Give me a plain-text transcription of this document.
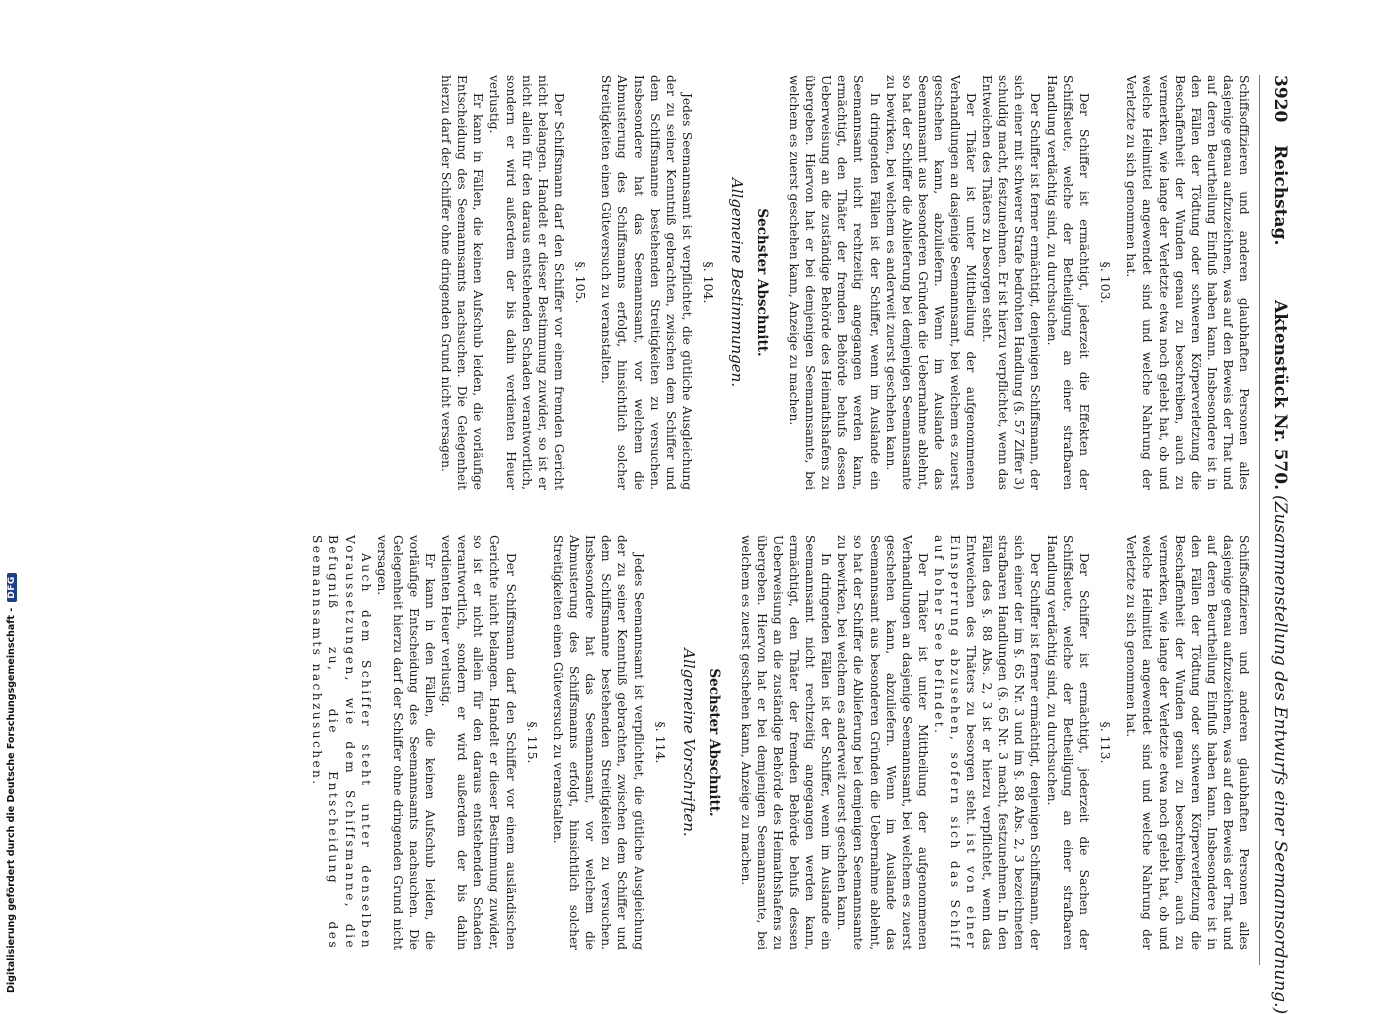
3920
Reichstag.
Aktenstück Nr. 570.
(Zusammenstellung des Entwurfs einer Seemannsordnung.)

Schiffsoffizieren und anderen glaubhaften Personen alles dasjenige genau aufzuzeichnen, was auf den Beweis der That und auf deren Beurtheilung Einfluß haben kann. Insbesondere ist in den Fällen der Tödtung oder schweren Körperverletzung die Beschaffenheit der Wunden genau zu beschreiben, auch zu vermerken, wie lange der Verletzte etwa noch gelebt hat, ob und welche Heilmittel angewendet sind und welche Nahrung der Verletzte zu sich genommen hat.

§. 103.

Der Schiffer ist ermächtigt, jederzeit die Effekten der Schiffsleute, welche der Betheiligung an einer strafbaren Handlung verdächtig sind, zu durchsuchen.

Der Schiffer ist ferner ermächtigt, denjenigen Schiffsmann, der sich einer mit schwerer Strafe bedrohten Handlung (§. 57 Ziffer 3) schuldig macht, festzunehmen. Er ist hierzu verpflichtet, wenn das Entweichen des Thäters zu besorgen steht.

Der Thäter ist unter Mittheilung der aufgenommenen Verhandlungen an dasjenige Seemannsamt, bei welchem es zuerst geschehen kann, abzuliefern. Wenn im Auslande das Seemannsamt aus besonderen Gründen die Uebernahme ablehnt, so hat der Schiffer die Ablieferung bei demjenigen Seemannsamte zu bewirken, bei welchem es anderweit zuerst geschehen kann.

In dringenden Fällen ist der Schiffer, wenn im Auslande ein Seemannsamt nicht rechtzeitig angegangen werden kann, ermächtigt, den Thäter der fremden Behörde behufs dessen Ueberweisung an die zuständige Behörde des Heimathshafens zu übergeben. Hiervon hat er bei demjenigen Seemannsamte, bei welchem es zuerst geschehen kann, Anzeige zu machen.

Sechster Abschnitt.
Allgemeine Bestimmungen.
§. 104.

Jedes Seemannsamt ist verpflichtet, die gütliche Ausgleichung der zu seiner Kenntniß gebrachten, zwischen dem Schiffer und dem Schiffsmanne bestehenden Streitigkeiten zu versuchen. Insbesondere hat das Seemannsamt, vor welchem die Abmusterung des Schiffsmanns erfolgt, hinsichtlich solcher Streitigkeiten einen Güteversuch zu veranstalten.

§. 105.

Der Schiffsmann darf den Schiffer vor einem fremden Gericht nicht belangen. Handelt er dieser Bestimmung zuwider, so ist er nicht allein für den daraus entstehenden Schaden verantwortlich, sondern er wird außerdem der bis dahin verdienten Heuer verlustig.

Er kann in Fällen, die keinen Aufschub leiden, die vorläufige Entscheidung des Seemannsamts nachsuchen. Die Gelegenheit hierzu darf der Schiffer ohne dringenden Grund nicht versagen.

Schiffsoffizieren und anderen glaubhaften Personen alles dasjenige genau aufzuzeichnen, was auf den Beweis der That und auf deren Beurtheilung Einfluß haben kann. Insbesondere ist in den Fällen der Tödtung oder schweren Körperverletzung die Beschaffenheit der Wunden genau zu beschreiben, auch zu vermerken, wie lange der Verletzte etwa noch gelebt hat, ob und welche Heilmittel angewendet sind und welche Nahrung der Verletzte zu sich genommen hat.

§. 113.

Der Schiffer ist ermächtigt, jederzeit die Sachen der Schiffsleute, welche der Betheiligung an einer strafbaren Handlung verdächtig sind, zu durchsuchen.

Der Schiffer ist ferner ermächtigt, denjenigen Schiffsmann, der sich einer der im §. 65 Nr. 3 und im §. 88 Abs. 2, 3 bezeichneten strafbaren Handlungen (§. 65 Nr. 3 macht, festzunehmen. In den Fällen des §. 88 Abs. 2, 3 ist er hierzu verpflichtet, wenn das Entweichen des Thäters zu besorgen steht. ist von einer Einsperrung abzusehen, sofern sich das Schiff auf hoher See befindet.

Der Thäter ist unter Mittheilung der aufgenommenen Verhandlungen an dasjenige Seemannsamt, bei welchem es zuerst geschehen kann, abzuliefern. Wenn im Auslande das Seemannsamt aus besonderen Gründen die Uebernahme ablehnt, so hat der Schiffer die Ablieferung bei demjenigen Seemannsamte zu bewirken, bei welchem es anderweit zuerst geschehen kann.

In dringenden Fällen ist der Schiffer, wenn im Auslande ein Seemannsamt nicht rechtzeitig angegangen werden kann, ermächtigt, den Thäter der fremden Behörde behufs dessen Ueberweisung an die zuständige Behörde des Heimathshafens zu übergeben. Hiervon hat er bei demjenigen Seemannsamte, bei welchem es zuerst geschehen kann, Anzeige zu machen.

Sechster Abschnitt.
Allgemeine Vorschriften.
§. 114.

Jedes Seemannsamt ist verpflichtet, die gütliche Ausgleichung der zu seiner Kenntniß gebrachten, zwischen dem Schiffer und dem Schiffsmanne bestehenden Streitigkeiten zu versuchen. Insbesondere hat das Seemannsamt, vor welchem die Abmusterung des Schiffsmanns erfolgt, hinsichtlich solcher Streitigkeiten einen Güteversuch zu veranstalten.

§. 115.

Der Schiffsmann darf den Schiffer vor einem ausländischen Gerichte nicht belangen. Handelt er dieser Bestimmung zuwider, so ist er nicht allein für den daraus entstehenden Schaden verantwortlich, sondern er wird außerdem der bis dahin verdienten Heuer verlustig.

Er kann in den Fällen, die keinen Aufschub leiden, die vorläufige Entscheidung des Seemannsamts nachsuchen. Die Gelegenheit hierzu darf der Schiffer ohne dringenden Grund nicht versagen.

Auch dem Schiffer steht unter denselben Voraussetzungen, wie dem Schiffsmanne, die Befugniß zu, die Entscheidung des Seemannsamts nachzusuchen.

Digitalisierung gefördert durch die Deutsche Forschungsgemeinschaft -DFG
